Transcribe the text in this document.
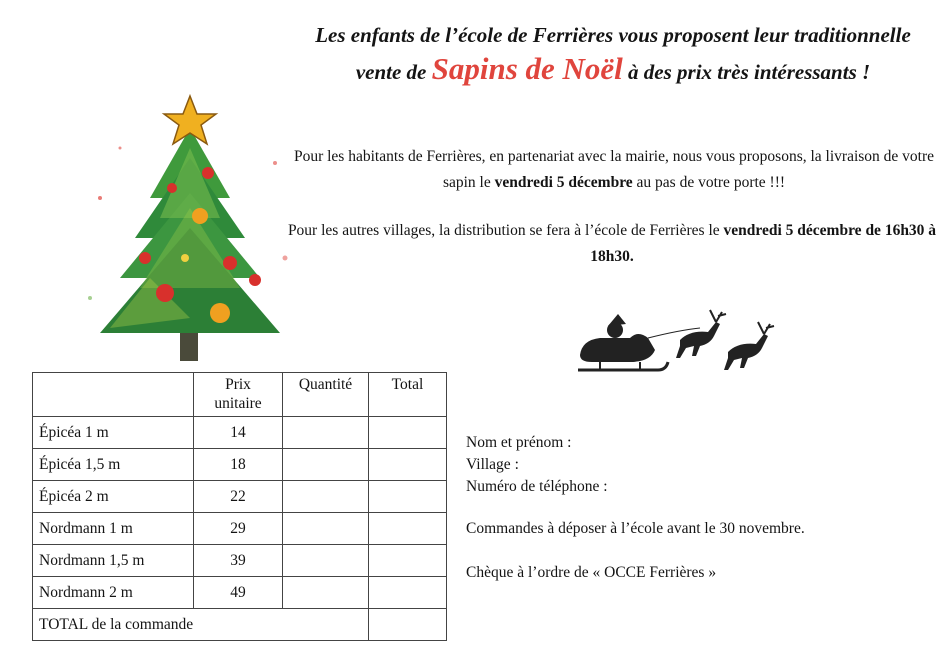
Les enfants de l’école de Ferrières vous proposent leur traditionnelle vente de Sapins de Noël à des prix très intéressants !
Pour les habitants de Ferrières, en partenariat avec la mairie, nous vous proposons, la livraison de votre sapin le vendredi 5 décembre au pas de votre porte !!!
Pour les autres villages, la distribution se fera à l’école de Ferrières le vendredi 5 décembre de 16h30 à 18h30.
	Prix unitaire	Quantité	Total
Épicéa 1 m	14		
Épicéa 1,5 m	18		
Épicéa 2 m	22		
Nordmann 1 m	29		
Nordmann 1,5 m	39		
Nordmann 2 m	49		
TOTAL de la commande			
Nom et prénom :
Village :
Numéro de téléphone :
Commandes à déposer à l’école avant le 30 novembre.
Chèque à l’ordre de « OCCE Ferrières »
